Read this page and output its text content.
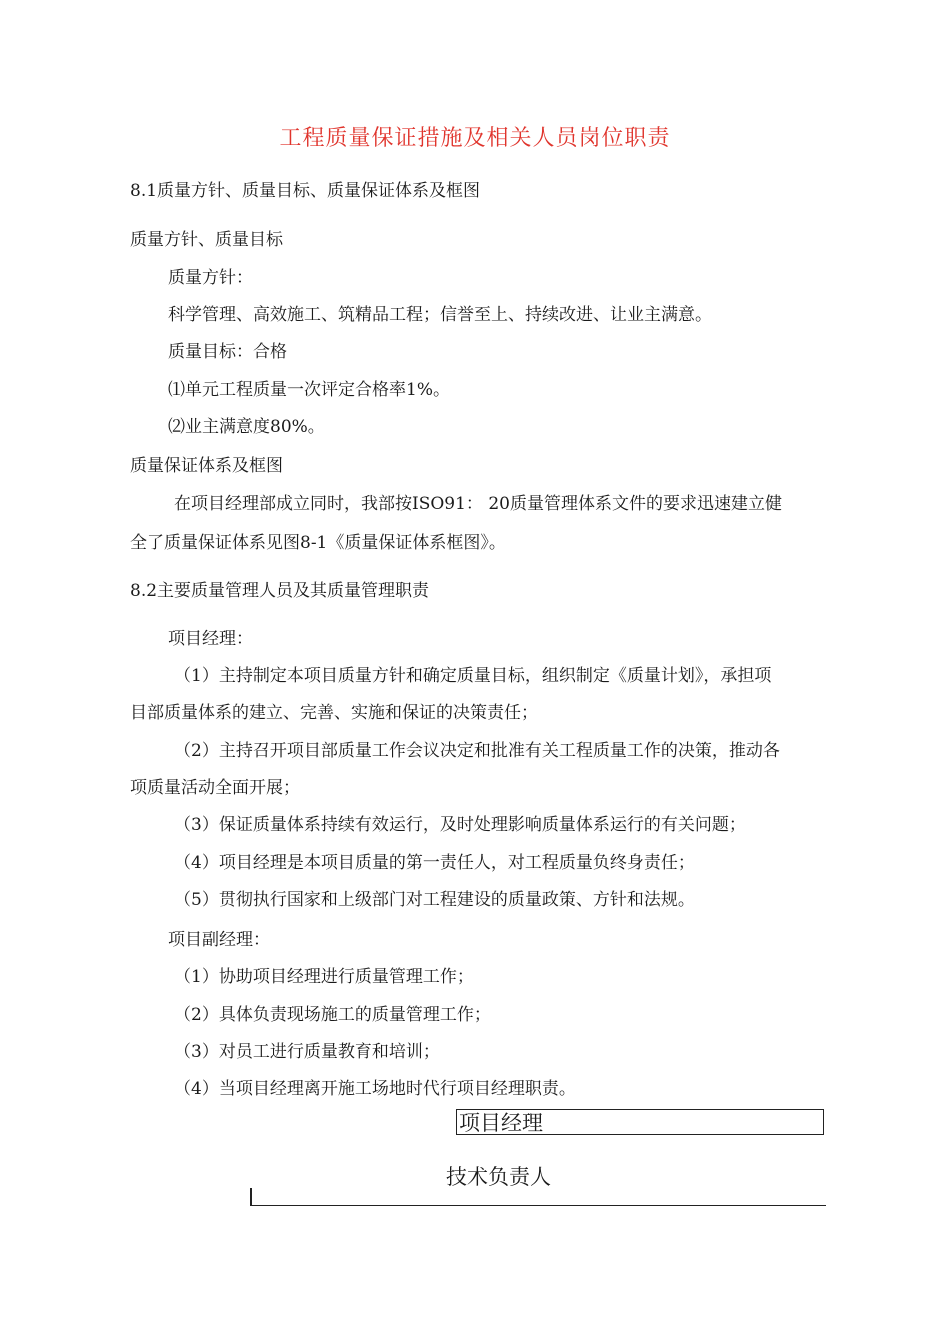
工程质量保证措施及相关人员岗位职责
8.1质量方针、质量目标、质量保证体系及框图
质量方针、质量目标
质量方针：
科学管理、高效施工、筑精品工程；信誉至上、持续改进、让业主满意。
质量目标：合格
⑴单元工程质量一次评定合格率1%。
⑵业主满意度80%。
质量保证体系及框图
在项目经理部成立同时，我部按ISO91： 20质量管理体系文件的要求迅速建立健
全了质量保证体系见图8-1《质量保证体系框图》。
8.2主要质量管理人员及其质量管理职责
项目经理：
（1）主持制定本项目质量方针和确定质量目标，组织制定《质量计划》，承担项
目部质量体系的建立、完善、实施和保证的决策责任；
（2）主持召开项目部质量工作会议决定和批准有关工程质量工作的决策，推动各
项质量活动全面开展；
（3）保证质量体系持续有效运行，及时处理影响质量体系运行的有关问题；
（4）项目经理是本项目质量的第一责任人，对工程质量负终身责任；
（5）贯彻执行国家和上级部门对工程建设的质量政策、方针和法规。
项目副经理：
（1）协助项目经理进行质量管理工作；
（2）具体负责现场施工的质量管理工作；
（3）对员工进行质量教育和培训；
（4）当项目经理离开施工场地时代行项目经理职责。
项目经理
技术负责人
